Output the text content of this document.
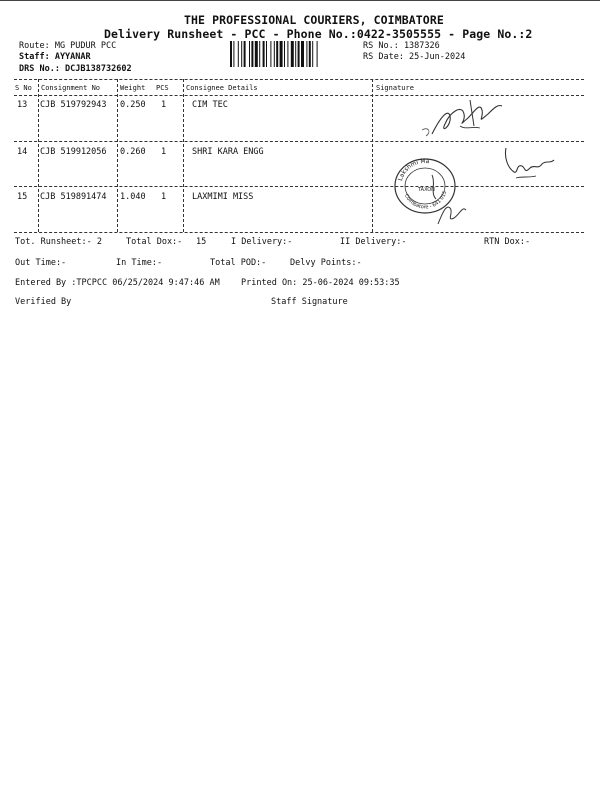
THE PROFESSIONAL COURIERS, COIMBATORE
Delivery Runsheet - PCC - Phone No.:0422-3505555 - Page No.:2
Route: MG PUDUR PCC
Staff: AYYANAR
DRS No.: DCJB138732602
RS No.: 1387326
RS Date: 25-Jun-2024
S No Consignment No	Weight PCS Consignee Details	Signature
13 CJB 519792943 0.250 1	CIM TEC
14 CJB 519912056 0.260 1	SHRI KARA ENGG
15 CJB 519891474 1.040 1	LAXMIMI MISS
Lakshmi Ma
Coimbatore - 641 015
TAXON
Tot. Runsheet:- 2	Total Dox:- 15	I Delivery:-	II Delivery:-	RTN Dox:-
Out Time:-	In Time:-	Total POD:-	Delvy Points:-
Entered By :TPCPCC 06/25/2024 9:47:46 AM	Printed On: 25-06-2024 09:53:35
Verified By	Staff Signature
